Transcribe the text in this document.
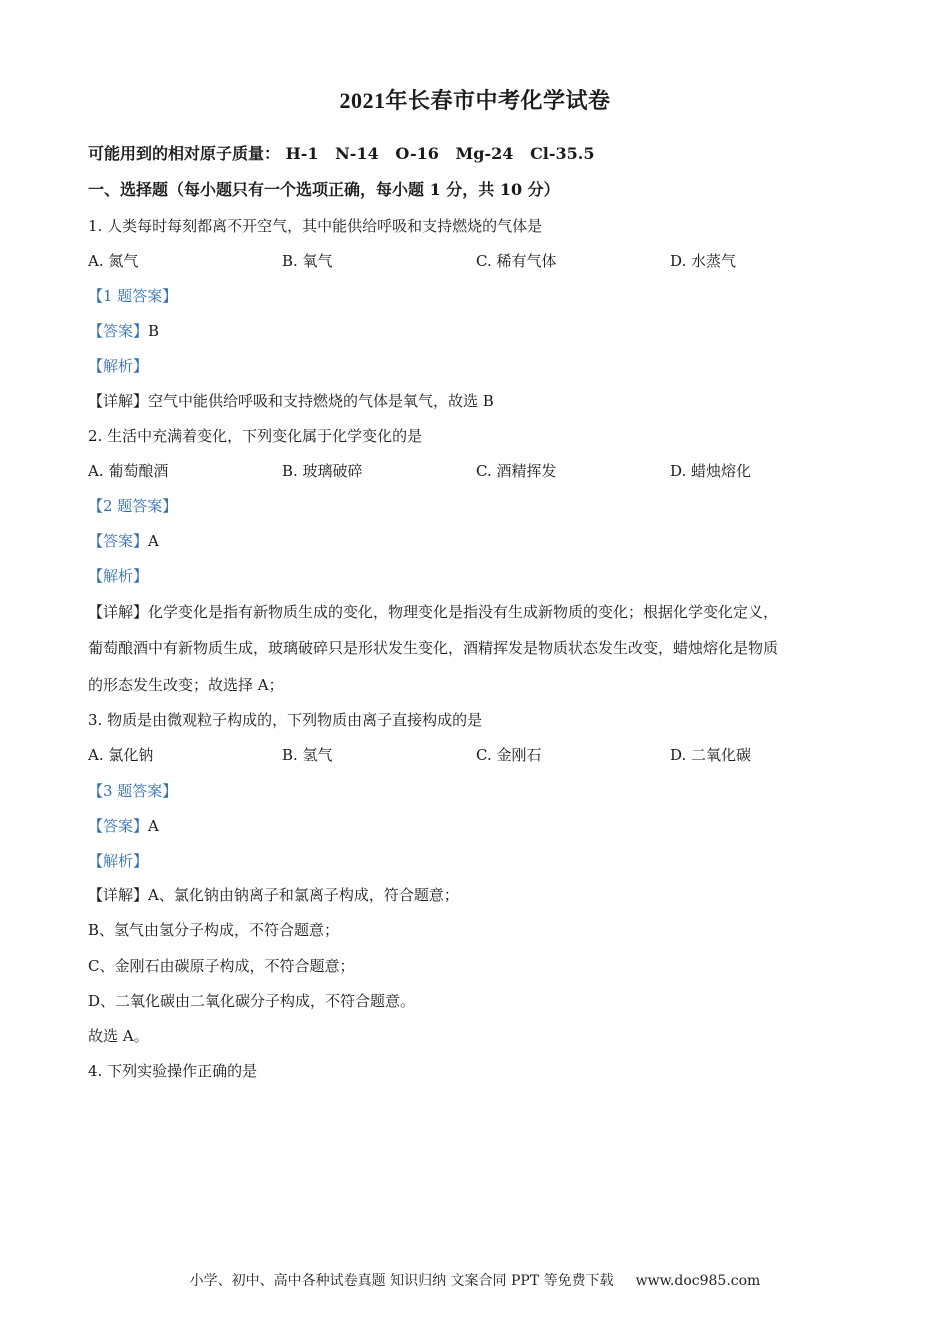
2021年长春市中考化学试卷
可能用到的相对原子质量： H-1   N-14   O-16   Mg-24   Cl-35.5
一、选择题（每小题只有一个选项正确，每小题 1 分，共 10 分）
1. 人类每时每刻都离不开空气，其中能供给呼吸和支持燃烧的气体是
A. 氮气	B. 氧气	C. 稀有气体	D. 水蒸气
【1 题答案】
【答案】B
【解析】
【详解】空气中能供给呼吸和支持燃烧的气体是氧气，故选 B
2. 生活中充满着变化，下列变化属于化学变化的是
A. 葡萄酿酒	B. 玻璃破碎	C. 酒精挥发	D. 蜡烛熔化
【2 题答案】
【答案】A
【解析】
【详解】化学变化是指有新物质生成的变化，物理变化是指没有生成新物质的变化；根据化学变化定义，
葡萄酿酒中有新物质生成，玻璃破碎只是形状发生变化，酒精挥发是物质状态发生改变，蜡烛熔化是物质
的形态发生改变；故选择 A；
3. 物质是由微观粒子构成的，下列物质由离子直接构成的是
A. 氯化钠	B. 氢气	C. 金刚石	D. 二氧化碳
【3 题答案】
【答案】A
【解析】
【详解】A、氯化钠由钠离子和氯离子构成，符合题意；
B、氢气由氢分子构成，不符合题意；
C、金刚石由碳原子构成，不符合题意；
D、二氧化碳由二氧化碳分子构成，不符合题意。
故选 A。
4. 下列实验操作正确的是
小学、初中、高中各种试卷真题 知识归纳 文案合同 PPT 等免费下载 www.doc985.com
